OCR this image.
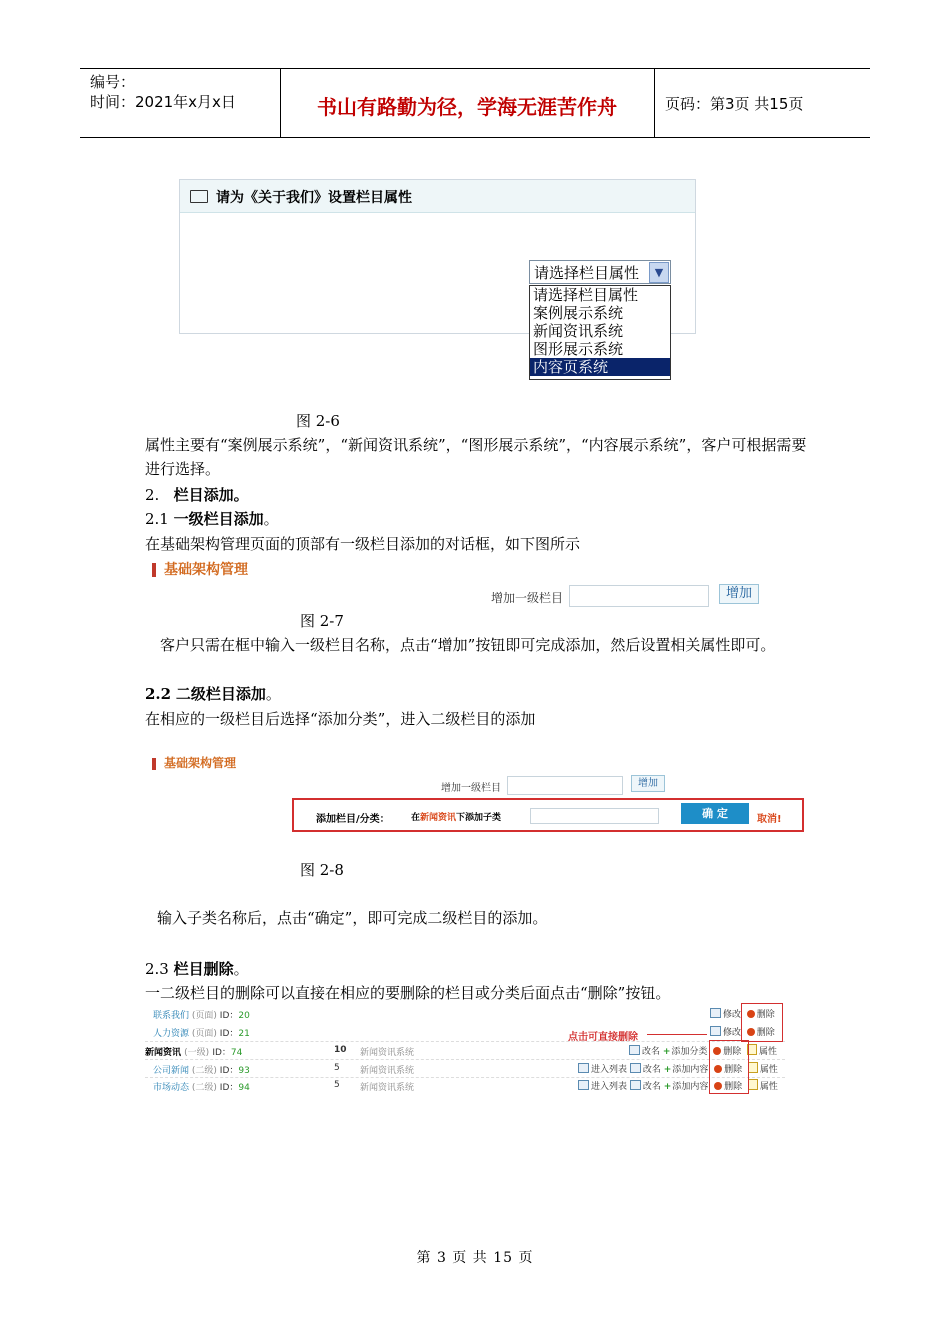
编号：
时间：2021年x月x日	书山有路勤为径，学海无涯苦作舟	页码：第3页 共15页
请为《关于我们》设置栏目属性
请选择栏目属性	▼
请选择栏目属性
案例展示系统
新闻资讯系统
图形展示系统
内容页系统
图 2-6
属性主要有“案例展示系统”，“新闻资讯系统”，“图形展示系统”，“内容展示系统”，客户可根据需要进行选择。
2. 栏目添加。
2.1 一级栏目添加。
在基础架构管理页面的顶部有一级栏目添加的对话框，如下图所示
基础架构管理
增加一级栏目	增加
图 2-7
客户只需在框中输入一级栏目名称，点击“增加”按钮即可完成添加，然后设置相关属性即可。
2.2 二级栏目添加。
在相应的一级栏目后选择“添加分类”，进入二级栏目的添加
基础架构管理
增加一级栏目	增加
添加栏目/分类： 在新闻资讯下添加子类	确 定	取消!
图 2-8
输入子类名称后，点击“确定”，即可完成二级栏目的添加。
2.3 栏目删除。
一二级栏目的删除可以直接在相应的要删除的栏目或分类后面点击“删除”按钮。
联系我们 (页面) ID：20	修改 删除
人力资源 (页面) ID：21	修改 删除
点击可直接删除
新闻资讯 (一级) ID：74	10 新闻资讯系统	改名 +添加分类 删除 属性
公司新闻 (二级) ID：93	5 新闻资讯系统	进入列表 改名 +添加内容 删除 属性
市场动态 (二级) ID：94	5 新闻资讯系统	进入列表 改名 +添加内容 删除 属性
第 3 页 共 15 页
